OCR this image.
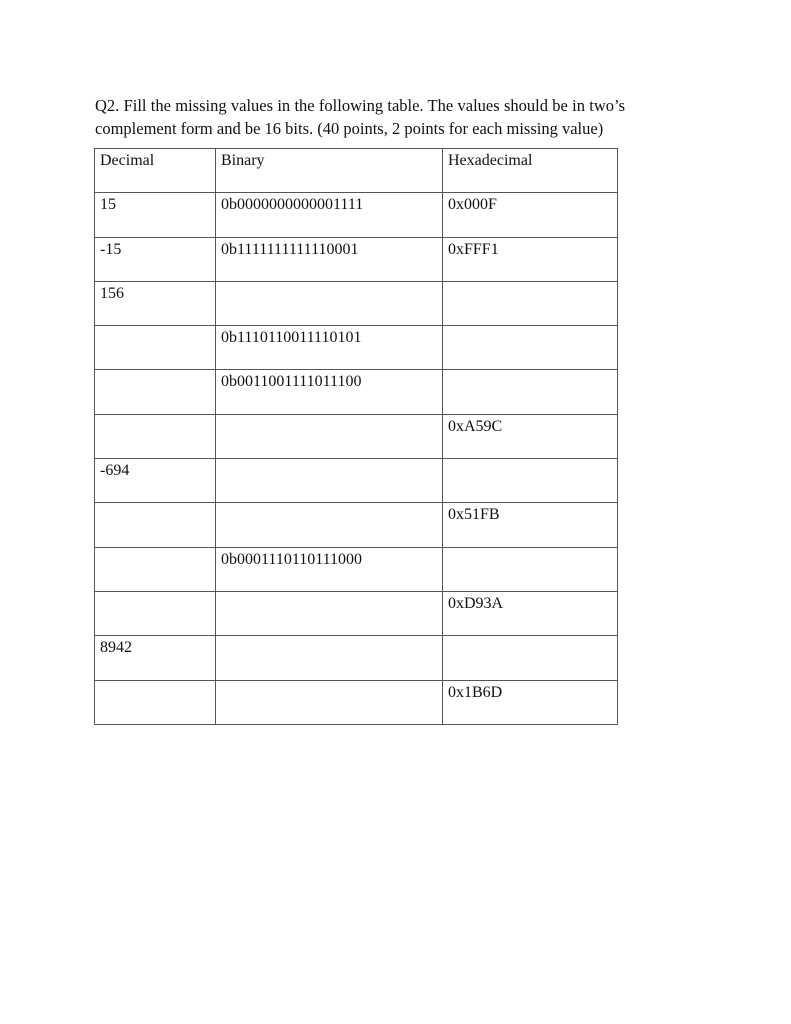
Q2. Fill the missing values in the following table. The values should be in two’s complement form and be 16 bits. (40 points, 2 points for each missing value)
Decimal	Binary	Hexadecimal
15	0b0000000000001111	0x000F
-15	0b1111111111110001	0xFFF1
156		
	0b1110110011110101	
	0b0011001111011100	
		0xA59C
-694		
		0x51FB
	0b0001110110111000	
		0xD93A
8942		
		0x1B6D
